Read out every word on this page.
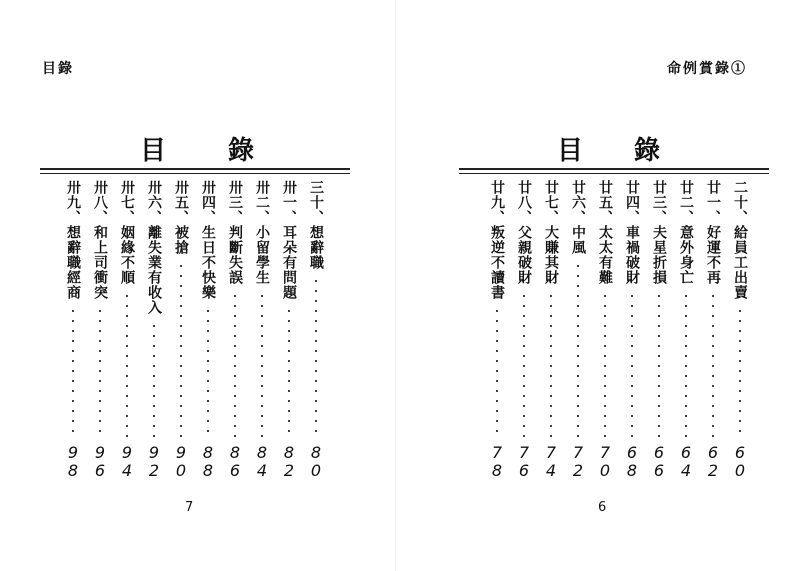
目錄
目 錄
三十、
想辭職
80
卅一、
耳朵有問題
82
卅二、
小留學生
84
卅三、
判斷失誤
86
卅四、
生日不快樂
88
卅五、
被搶
90
卅六、
離失業有收入
92
卅七、
姻緣不順
94
卅八、
和上司衝突
96
卅九、
想辭職經商
98
7
命例賞錄①
目 錄
二十、
給員工出賣
60
廿一、
好運不再
62
廿二、
意外身亡
64
廿三、
夫星折損
66
廿四、
車禍破財
68
廿五、
太太有難
70
廿六、
中風
72
廿七、
大賺其財
74
廿八、
父親破財
76
廿九、
叛逆不讀書
78
6
